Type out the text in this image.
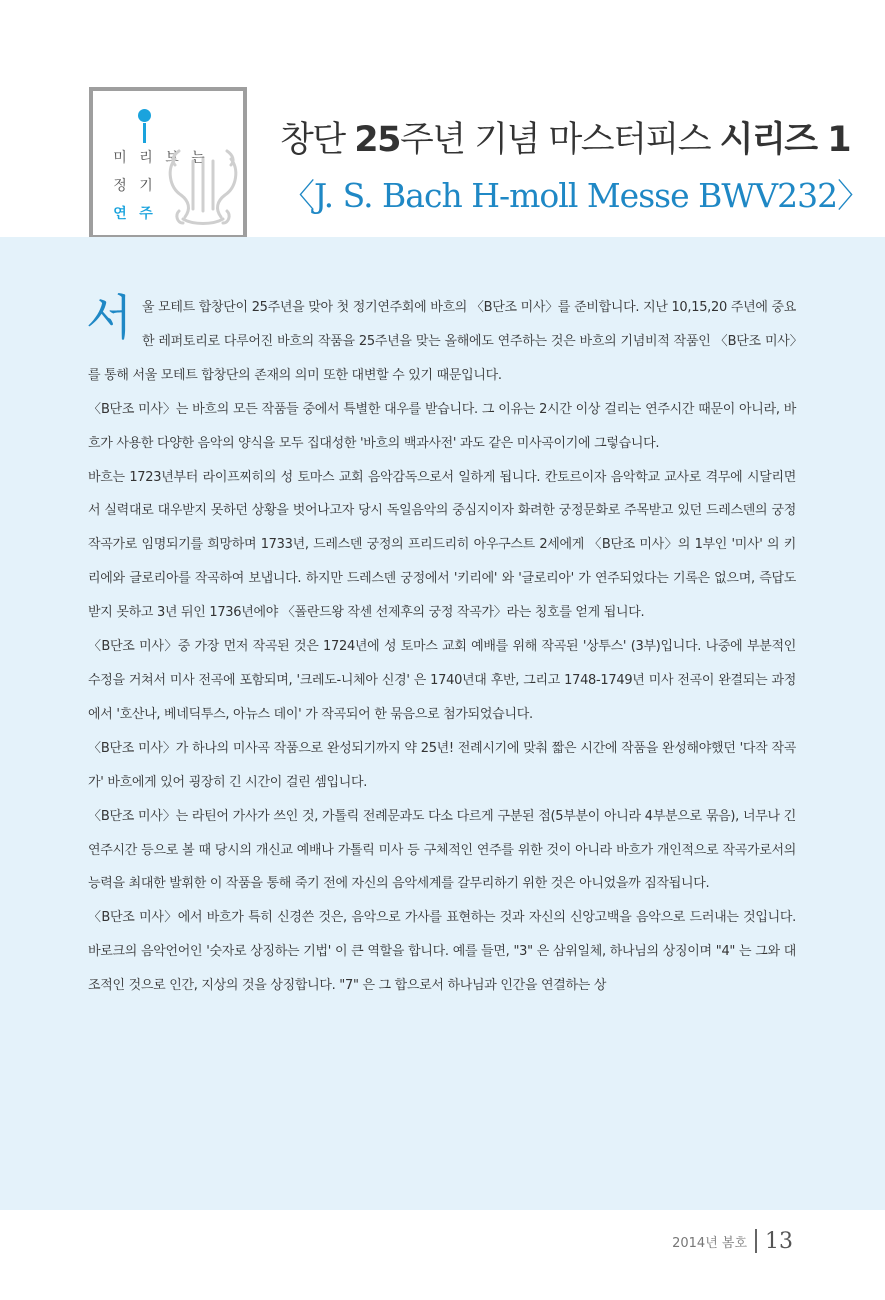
미 리 보 는
정 기
연 주
창단 25주년 기념 마스터피스 시리즈 1
〈J. S. Bach H-moll Messe BWV232〉

서울 모테트 합창단이 25주년을 맞아 첫 정기연주회에 바흐의 〈B단조 미사〉를 준비합니다. 지난 10,15,20 주년에 중요한 레퍼토리로 다루어진 바흐의 작품을 25주년을 맞는 올해에도 연주하는 것은 바흐의 기념비적 작품인 〈B단조 미사〉를 통해 서울 모테트 합창단의 존재의 의미 또한 대변할 수 있기 때문입니다.

〈B단조 미사〉는 바흐의 모든 작품들 중에서 특별한 대우를 받습니다. 그 이유는 2시간 이상 걸리는 연주시간 때문이 아니라, 바흐가 사용한 다양한 음악의 양식을 모두 집대성한 '바흐의 백과사전' 과도 같은 미사곡이기에 그렇습니다.

바흐는 1723년부터 라이프찌히의 성 토마스 교회 음악감독으로서 일하게 됩니다. 칸토르이자 음악학교 교사로 격무에 시달리면서 실력대로 대우받지 못하던 상황을 벗어나고자 당시 독일음악의 중심지이자 화려한 궁정문화로 주목받고 있던 드레스덴의 궁정작곡가로 임명되기를 희망하며 1733년, 드레스덴 궁정의 프리드리히 아우구스트 2세에게 〈B단조 미사〉의 1부인 '미사' 의 키리에와 글로리아를 작곡하여 보냅니다. 하지만 드레스덴 궁정에서 '키리에' 와 '글로리아' 가 연주되었다는 기록은 없으며, 즉답도 받지 못하고 3년 뒤인 1736년에야 〈폴란드왕 작센 선제후의 궁정 작곡가〉라는 칭호를 얻게 됩니다.

〈B단조 미사〉중 가장 먼저 작곡된 것은 1724년에 성 토마스 교회 예배를 위해 작곡된 '상투스' (3부)입니다. 나중에 부분적인 수정을 거쳐서 미사 전곡에 포함되며, '크레도-니체아 신경' 은 1740년대 후반, 그리고 1748-1749년 미사 전곡이 완결되는 과정에서 '호산나, 베네딕투스, 아뉴스 데이' 가 작곡되어 한 묶음으로 첨가되었습니다.

〈B단조 미사〉가 하나의 미사곡 작품으로 완성되기까지 약 25년! 전례시기에 맞춰 짧은 시간에 작품을 완성해야했던 '다작 작곡가' 바흐에게 있어 굉장히 긴 시간이 걸린 셈입니다.

〈B단조 미사〉는 라틴어 가사가 쓰인 것, 가톨릭 전례문과도 다소 다르게 구분된 점(5부분이 아니라 4부분으로 묶음), 너무나 긴 연주시간 등으로 볼 때 당시의 개신교 예배나 가톨릭 미사 등 구체적인 연주를 위한 것이 아니라 바흐가 개인적으로 작곡가로서의 능력을 최대한 발휘한 이 작품을 통해 죽기 전에 자신의 음악세계를 갈무리하기 위한 것은 아니었을까 짐작됩니다.

〈B단조 미사〉에서 바흐가 특히 신경쓴 것은, 음악으로 가사를 표현하는 것과 자신의 신앙고백을 음악으로 드러내는 것입니다. 바로크의 음악언어인 '숫자로 상징하는 기법' 이 큰 역할을 합니다. 예를 들면, "3" 은 삼위일체, 하나님의 상징이며 "4" 는 그와 대조적인 것으로 인간, 지상의 것을 상징합니다. "7" 은 그 합으로서 하나님과 인간을 연결하는 상

2014년 봄호 13
